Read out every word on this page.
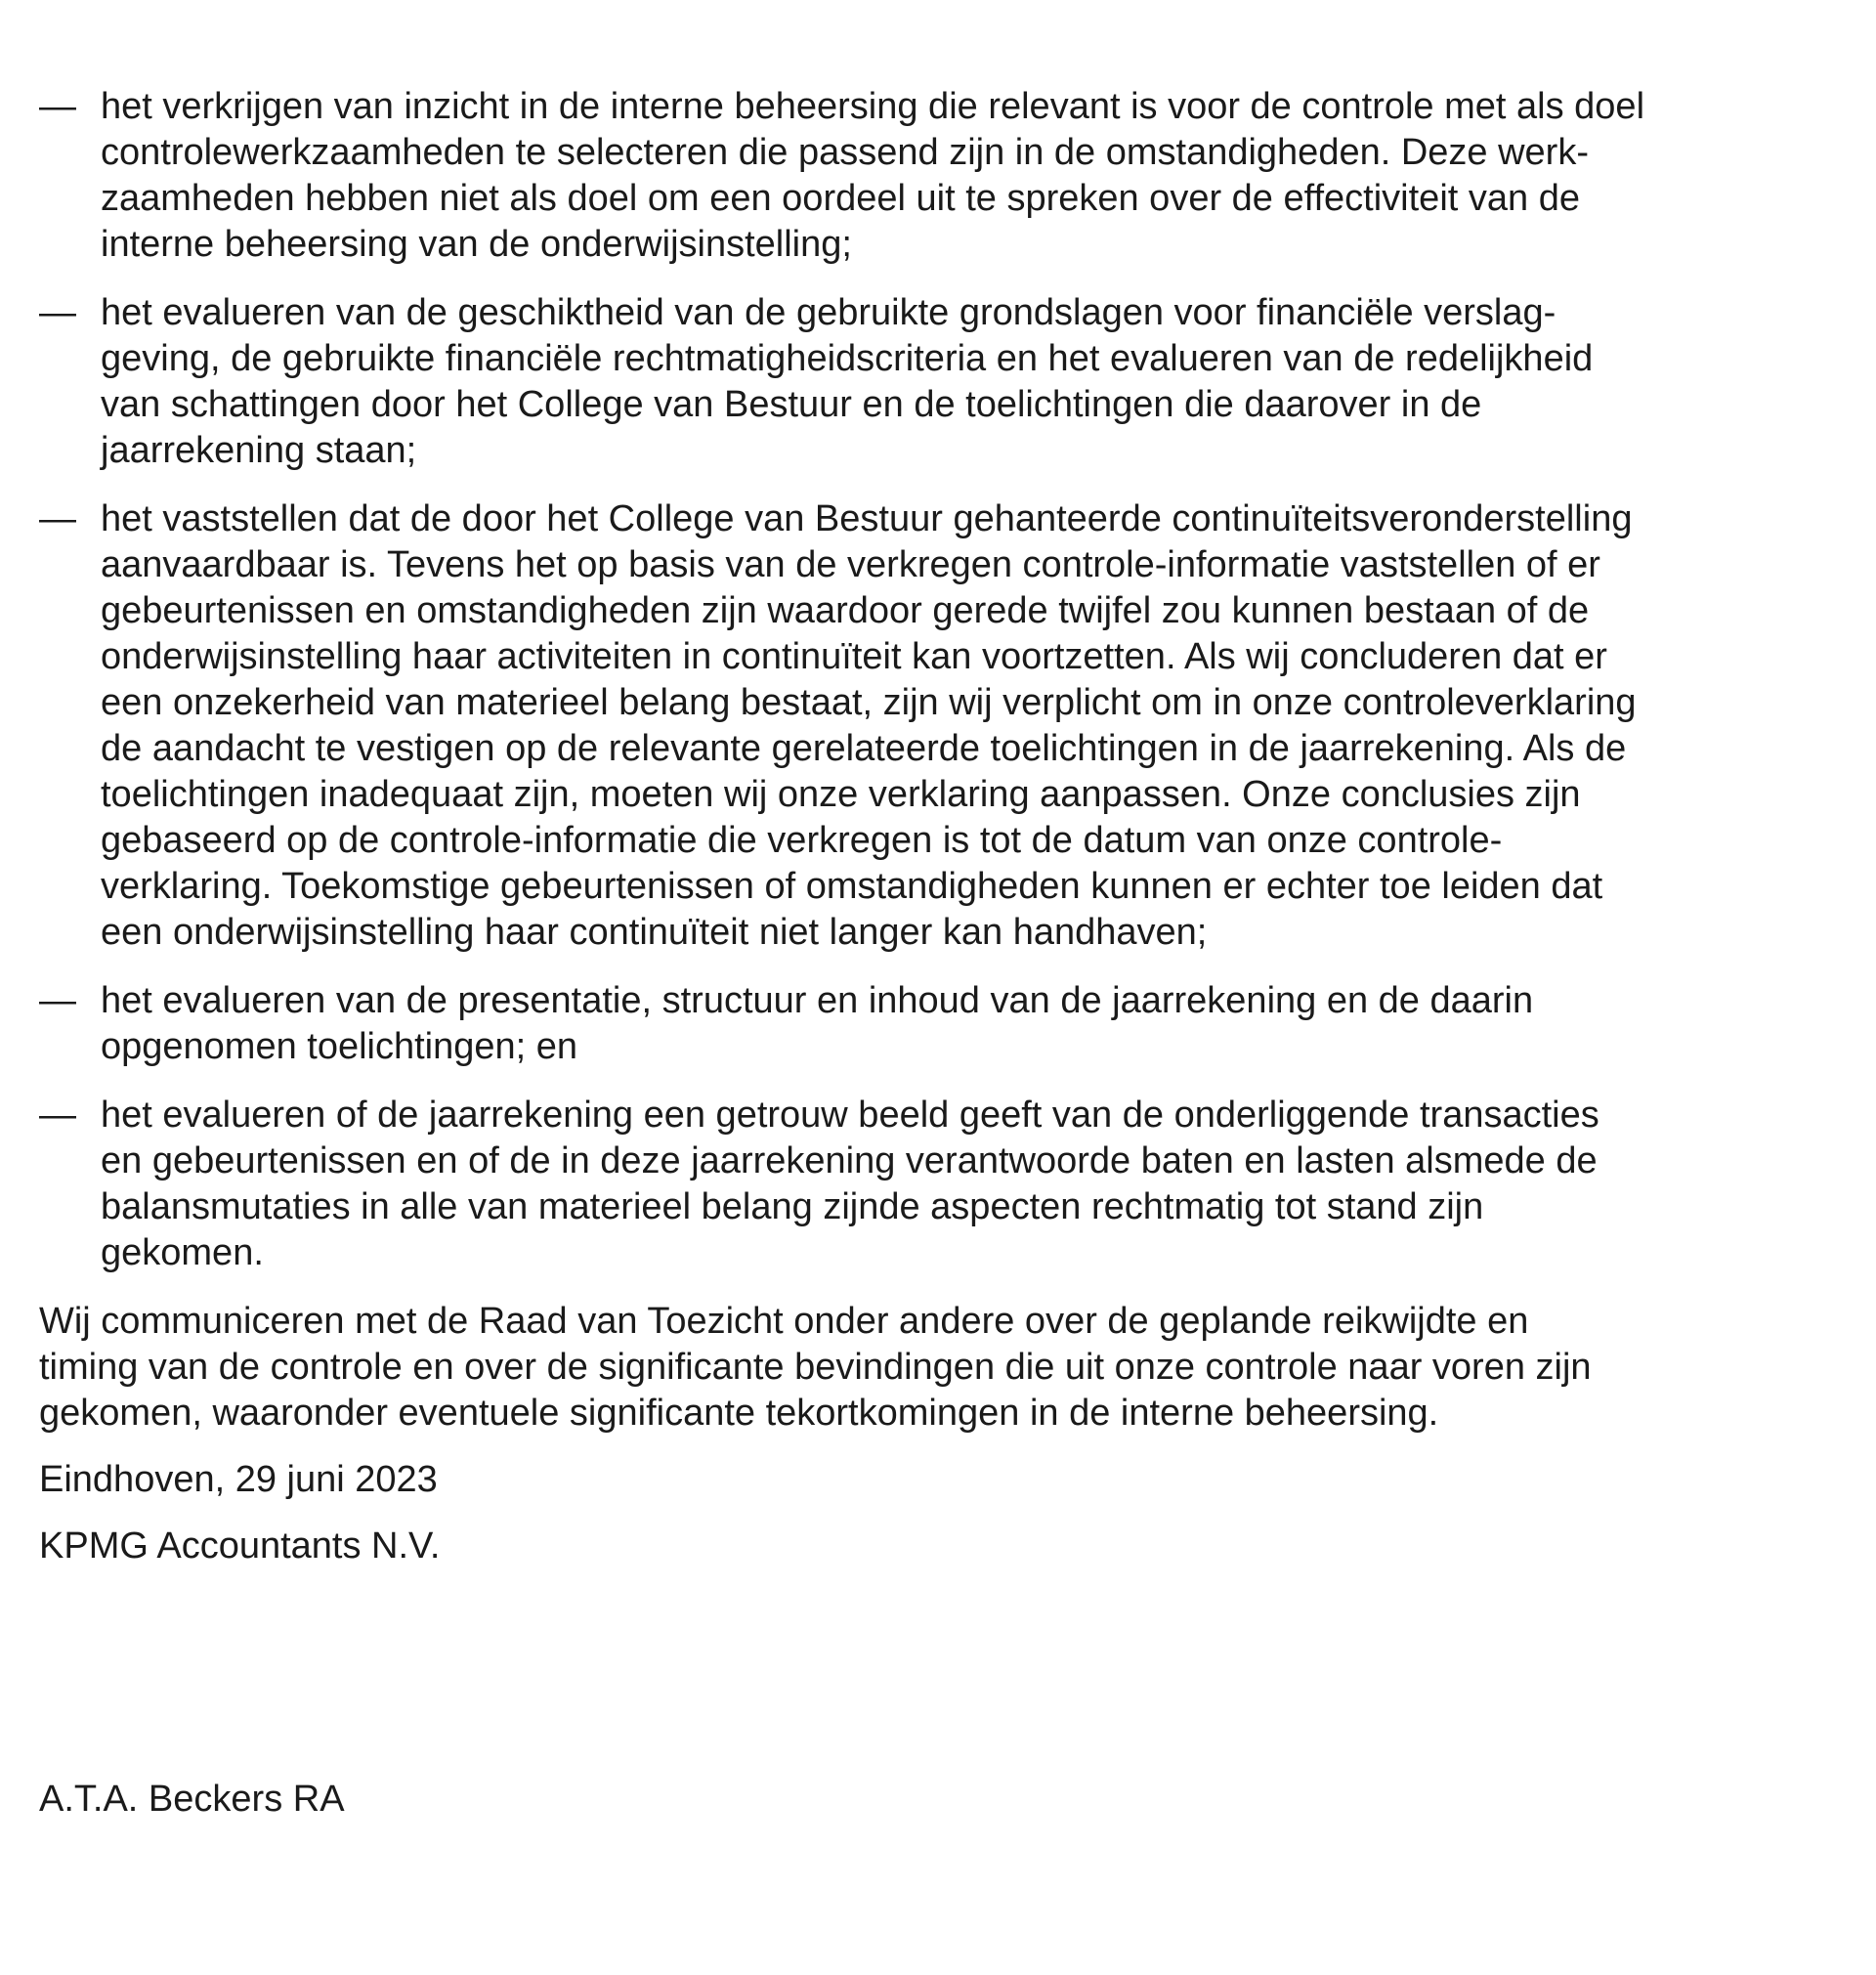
— het verkrijgen van inzicht in de interne beheersing die relevant is voor de controle met als doel
controlewerkzaamheden te selecteren die passend zijn in de omstandigheden. Deze werk-
zaamheden hebben niet als doel om een oordeel uit te spreken over de effectiviteit van de
interne beheersing van de onderwijsinstelling;
— het evalueren van de geschiktheid van de gebruikte grondslagen voor financiële verslag-
geving, de gebruikte financiële rechtmatigheidscriteria en het evalueren van de redelijkheid
van schattingen door het College van Bestuur en de toelichtingen die daarover in de
jaarrekening staan;
— het vaststellen dat de door het College van Bestuur gehanteerde continuïteitsveronderstelling
aanvaardbaar is. Tevens het op basis van de verkregen controle-informatie vaststellen of er
gebeurtenissen en omstandigheden zijn waardoor gerede twijfel zou kunnen bestaan of de
onderwijsinstelling haar activiteiten in continuïteit kan voortzetten. Als wij concluderen dat er
een onzekerheid van materieel belang bestaat, zijn wij verplicht om in onze controleverklaring
de aandacht te vestigen op de relevante gerelateerde toelichtingen in de jaarrekening. Als de
toelichtingen inadequaat zijn, moeten wij onze verklaring aanpassen. Onze conclusies zijn
gebaseerd op de controle-informatie die verkregen is tot de datum van onze controle-
verklaring. Toekomstige gebeurtenissen of omstandigheden kunnen er echter toe leiden dat
een onderwijsinstelling haar continuïteit niet langer kan handhaven;
— het evalueren van de presentatie, structuur en inhoud van de jaarrekening en de daarin
opgenomen toelichtingen; en
— het evalueren of de jaarrekening een getrouw beeld geeft van de onderliggende transacties
en gebeurtenissen en of de in deze jaarrekening verantwoorde baten en lasten alsmede de
balansmutaties in alle van materieel belang zijnde aspecten rechtmatig tot stand zijn
gekomen.

Wij communiceren met de Raad van Toezicht onder andere over de geplande reikwijdte en
timing van de controle en over de significante bevindingen die uit onze controle naar voren zijn
gekomen, waaronder eventuele significante tekortkomingen in de interne beheersing.

Eindhoven, 29 juni 2023

KPMG Accountants N.V.

A.T.A. Beckers RA
